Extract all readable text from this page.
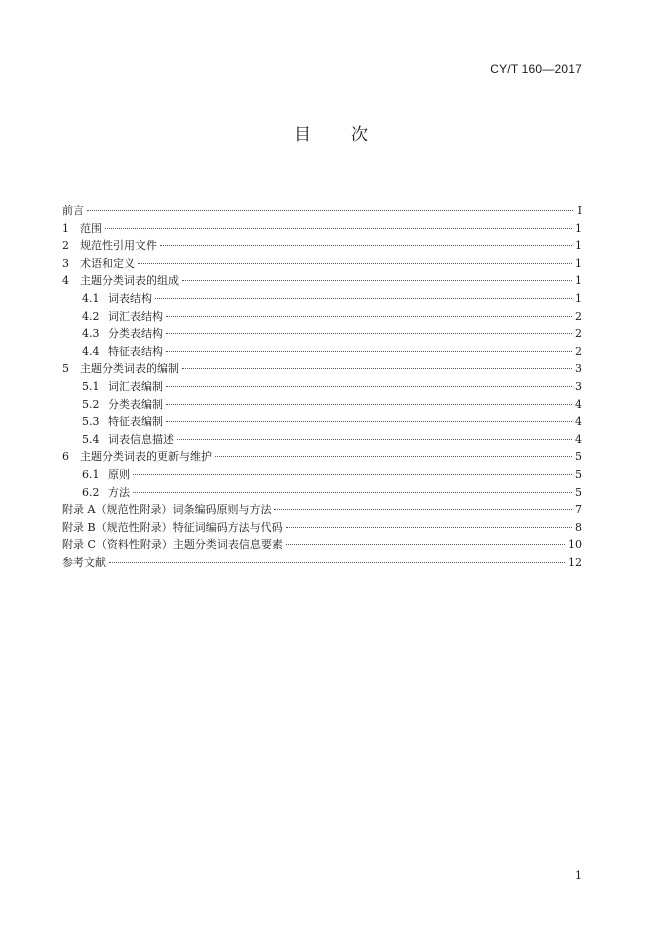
CY/T 160—2017
目 次
前言	I
1	范围	1
2	规范性引用文件	1
3	术语和定义	1
4	主题分类词表的组成	1
4.1 词表结构	1
4.2 词汇表结构	2
4.3 分类表结构	2
4.4 特征表结构	2
5	主题分类词表的编制	3
5.1 词汇表编制	3
5.2 分类表编制	4
5.3 特征表编制	4
5.4 词表信息描述	4
6	主题分类词表的更新与维护	5
6.1 原则	5
6.2 方法	5
附录 A（规范性附录）词条编码原则与方法	7
附录 B（规范性附录）特征词编码方法与代码	8
附录 C（资料性附录）主题分类词表信息要素	10
参考文献	12
1
